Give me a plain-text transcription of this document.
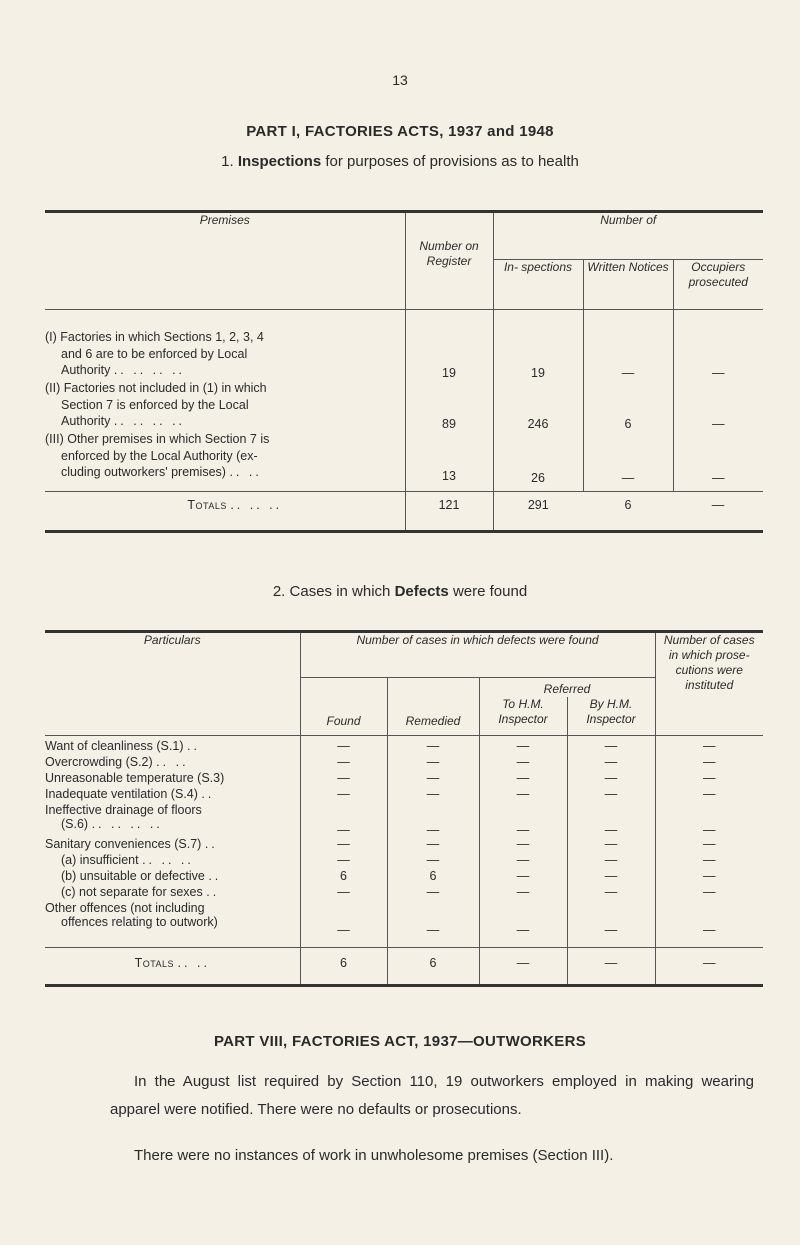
13
PART I, FACTORIES ACTS, 1937 and 1948
1. Inspections for purposes of provisions as to health

Premises	Number on Register	Number of		
		In- spections	Written Notices	Occupiers prosecuted

(I) Factories in which Sections 1, 2, 3, 4
and 6 are to be enforced by Local
Authority .. .. .. ..	19	19	—	—

(II) Factories not included in (1) in which
Section 7 is enforced by the Local
Authority .. .. .. ..	89	246	6	—

(III) Other premises in which Section 7 is
enforced by the Local Authority (ex-
cluding outworkers' premises) .. ..	13	26	—	—
Totals .. .. ..	121	291	6	—

2. Cases in which Defects were found

Particulars	Number of cases in which defects were found				Number of cases in which prose- cutions were instituted
	Found	Remedied	Referred		
			To H.M. Inspector	By H.M. Inspector	

Want of cleanliness (S.1) ..	—	—	—	—	—
Overcrowding (S.2) .. ..	—	—	—	—	—
Unreasonable temperature (S.3)	—	—	—	—	—
Inadequate ventilation (S.4) ..	—	—	—	—	—

Ineffective drainage of floors
(S.6) .. .. .. ..	—	—	—	—	—
Sanitary conveniences (S.7) ..	—	—	—	—	—
(a) insufficient .. .. ..	—	—	—	—	—
(b) unsuitable or defective ..	6	6	—	—	—
(c) not separate for sexes ..	—	—	—	—	—

Other offences (not including
offences relating to outwork)	—	—	—	—	—

Totals .. ..	6	6	—	—	—

PART VIII, FACTORIES ACT, 1937—OUTWORKERS

In the August list required by Section 110, 19 outworkers employed in making wearing apparel were notified. There were no defaults or prosecutions.

There were no instances of work in unwholesome premises (Section III).
